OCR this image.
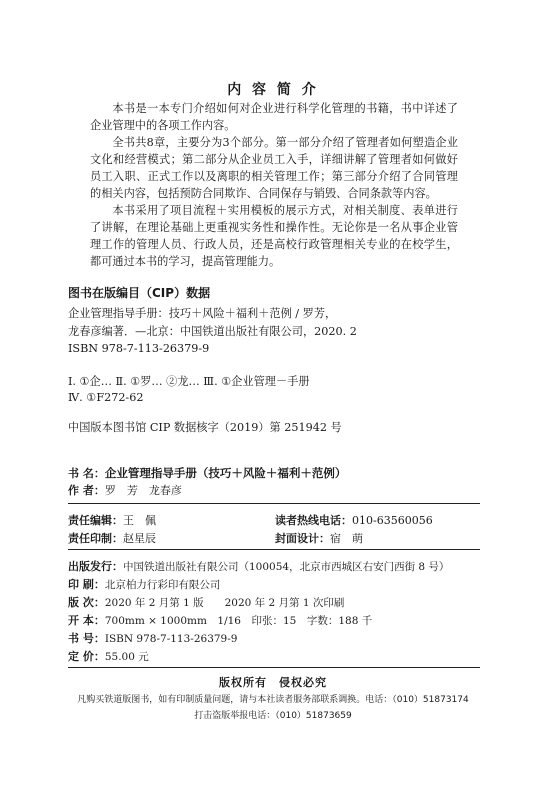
内 容 简 介

本书是一本专门介绍如何对企业进行科学化管理的书籍，书中详述了企业管理中的各项工作内容。

全书共8章，主要分为3个部分。第一部分介绍了管理者如何塑造企业文化和经营模式；第二部分从企业员工入手，详细讲解了管理者如何做好员工入职、正式工作以及离职的相关管理工作；第三部分介绍了合同管理的相关内容，包括预防合同欺诈、合同保存与销毁、合同条款等内容。

本书采用了项目流程＋实用模板的展示方式，对相关制度、表单进行了讲解，在理论基础上更重视实务性和操作性。无论你是一名从事企业管理工作的管理人员、行政人员，还是高校行政管理相关专业的在校学生，都可通过本书的学习，提高管理能力。

图书在版编目（CIP）数据
企业管理指导手册：技巧＋风险＋福利＋范例 / 罗芳，
龙春彦编著．—北京：中国铁道出版社有限公司，2020. 2
ISBN 978-7-113-26379-9
Ⅰ. ①企… Ⅱ. ①罗… ②龙… Ⅲ. ①企业管理－手册
Ⅳ. ①F272-62
中国版本图书馆 CIP 数据核字（2019）第 251942 号
书 名：企业管理指导手册（技巧＋风险＋福利＋范例）
作 者：罗　芳　龙春彦
责任编辑：王　佩	读者热线电话：010-63560056
责任印制：赵星辰	封面设计：宿　萌
出版发行：中国铁道出版社有限公司（100054，北京市西城区右安门西街 8 号）
印 刷：北京柏力行彩印有限公司
版 次：2020 年 2 月第 1 版　　2020 年 2 月第 1 次印刷
开 本：700mm × 1000mm　1/16　印张：15　字数：188 千
书 号：ISBN 978-7-113-26379-9
定 价：55.00 元
版权所有　侵权必究
凡购买铁道版图书，如有印制质量问题，请与本社读者服务部联系调换。电话：（010）51873174
打击盗版举报电话：（010）51873659
